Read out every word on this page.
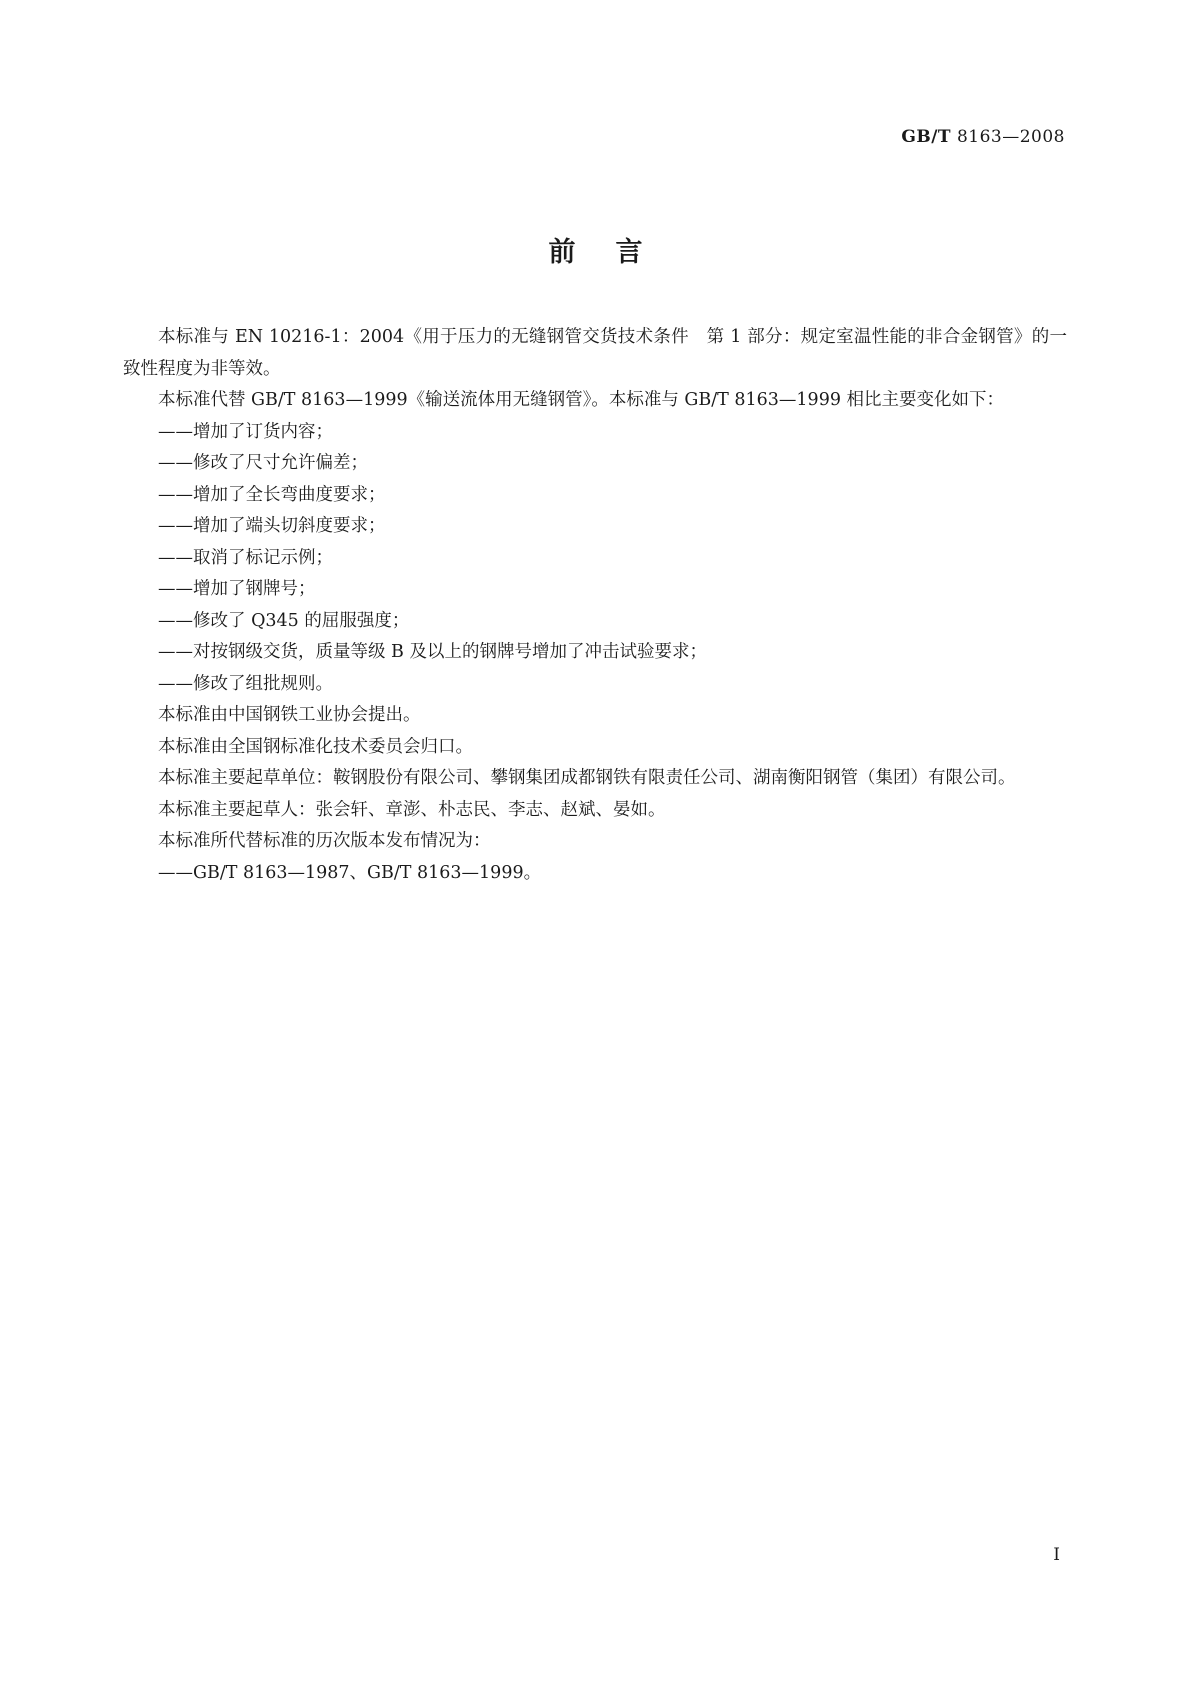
GB/T 8163—2008
前言

本标准与 EN 10216-1：2004《用于压力的无缝钢管交货技术条件　第 1 部分：规定室温性能的非合金钢管》的一致性程度为非等效。

本标准代替 GB/T 8163—1999《输送流体用无缝钢管》。本标准与 GB/T 8163—1999 相比主要变化如下：

——增加了订货内容；

——修改了尺寸允许偏差；

——增加了全长弯曲度要求；

——增加了端头切斜度要求；

——取消了标记示例；

——增加了钢牌号；

——修改了 Q345 的屈服强度；

——对按钢级交货，质量等级 B 及以上的钢牌号增加了冲击试验要求；

——修改了组批规则。

本标准由中国钢铁工业协会提出。

本标准由全国钢标准化技术委员会归口。

本标准主要起草单位：鞍钢股份有限公司、攀钢集团成都钢铁有限责任公司、湖南衡阳钢管（集团）有限公司。

本标准主要起草人：张会轩、章澎、朴志民、李志、赵斌、晏如。

本标准所代替标准的历次版本发布情况为：

——GB/T 8163—1987、GB/T 8163—1999。

I
